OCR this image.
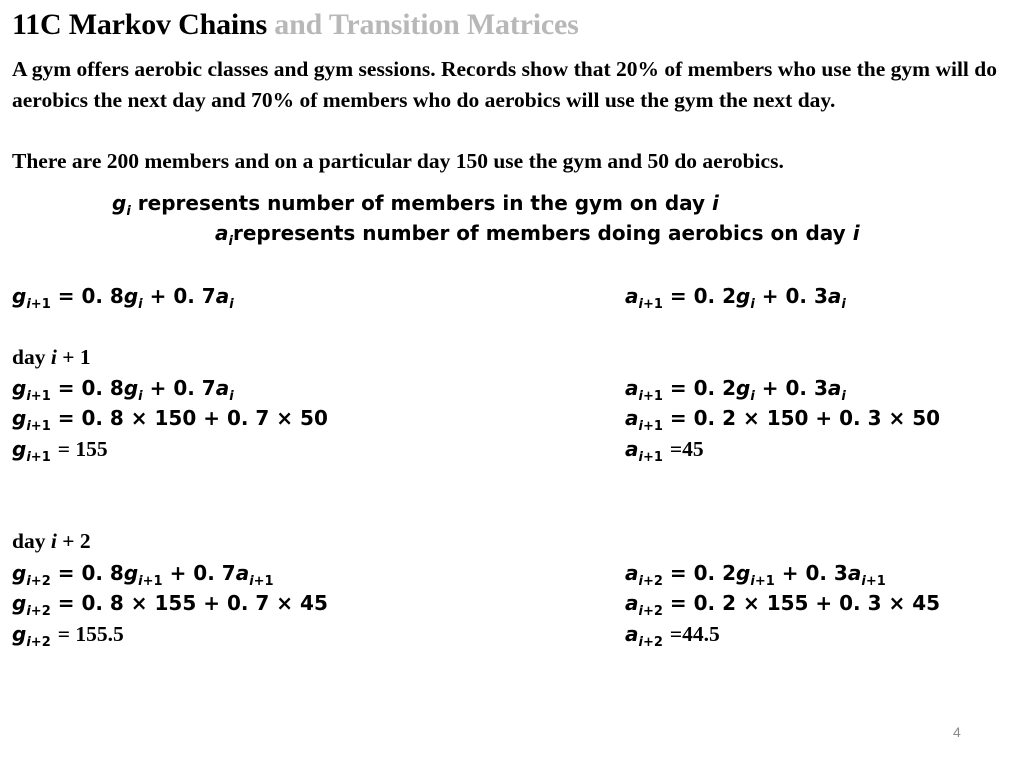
11C Markov Chains and Transition Matrices
A gym offers aerobic classes and gym sessions. Records show that 20% of members who use the gym will do aerobics the next day and 70% of members who do aerobics will use the gym the next day.
There are 200 members and on a particular day 150 use the gym and 50 do aerobics.
$g_i$ represents number of members in the gym on day i
$a_irepresents$ number of members doing aerobics on day i
$g_{i+1} = 0$. $8g_i + 0$. $7a_i$	$a_{i+1} = 0$. $2g_i + 0$. $3a_i$
day i + 1
$g_{i+1} = 0$. $8g_i + 0$. $7a_i$	$a_{i+1} = 0$. $2g_i + 0$. $3a_i$
$g_{i+1} = 0$. 8 × 150 + 0. 7 × 50	$a_{i+1} = 0$. 2 × 150 + 0. 3 × 50
$g_{i+1} = 155$	$a_{i+1} =45$
day i + 2
$g_{i+2} = 0$. $8g_{i+1} + 0$. $7a_{i+1}$	$a_{i+2} = 0$. $2g_{i+1} + 0$. $3a_{i+1}$
$g_{i+2} = 0$. 8 × 155 + 0. 7 × 45	$a_{i+2} = 0$. 2 × 155 + 0. 3 × 45
$g_{i+2} = 155.5$	$a_{i+2} =44.5$
4
